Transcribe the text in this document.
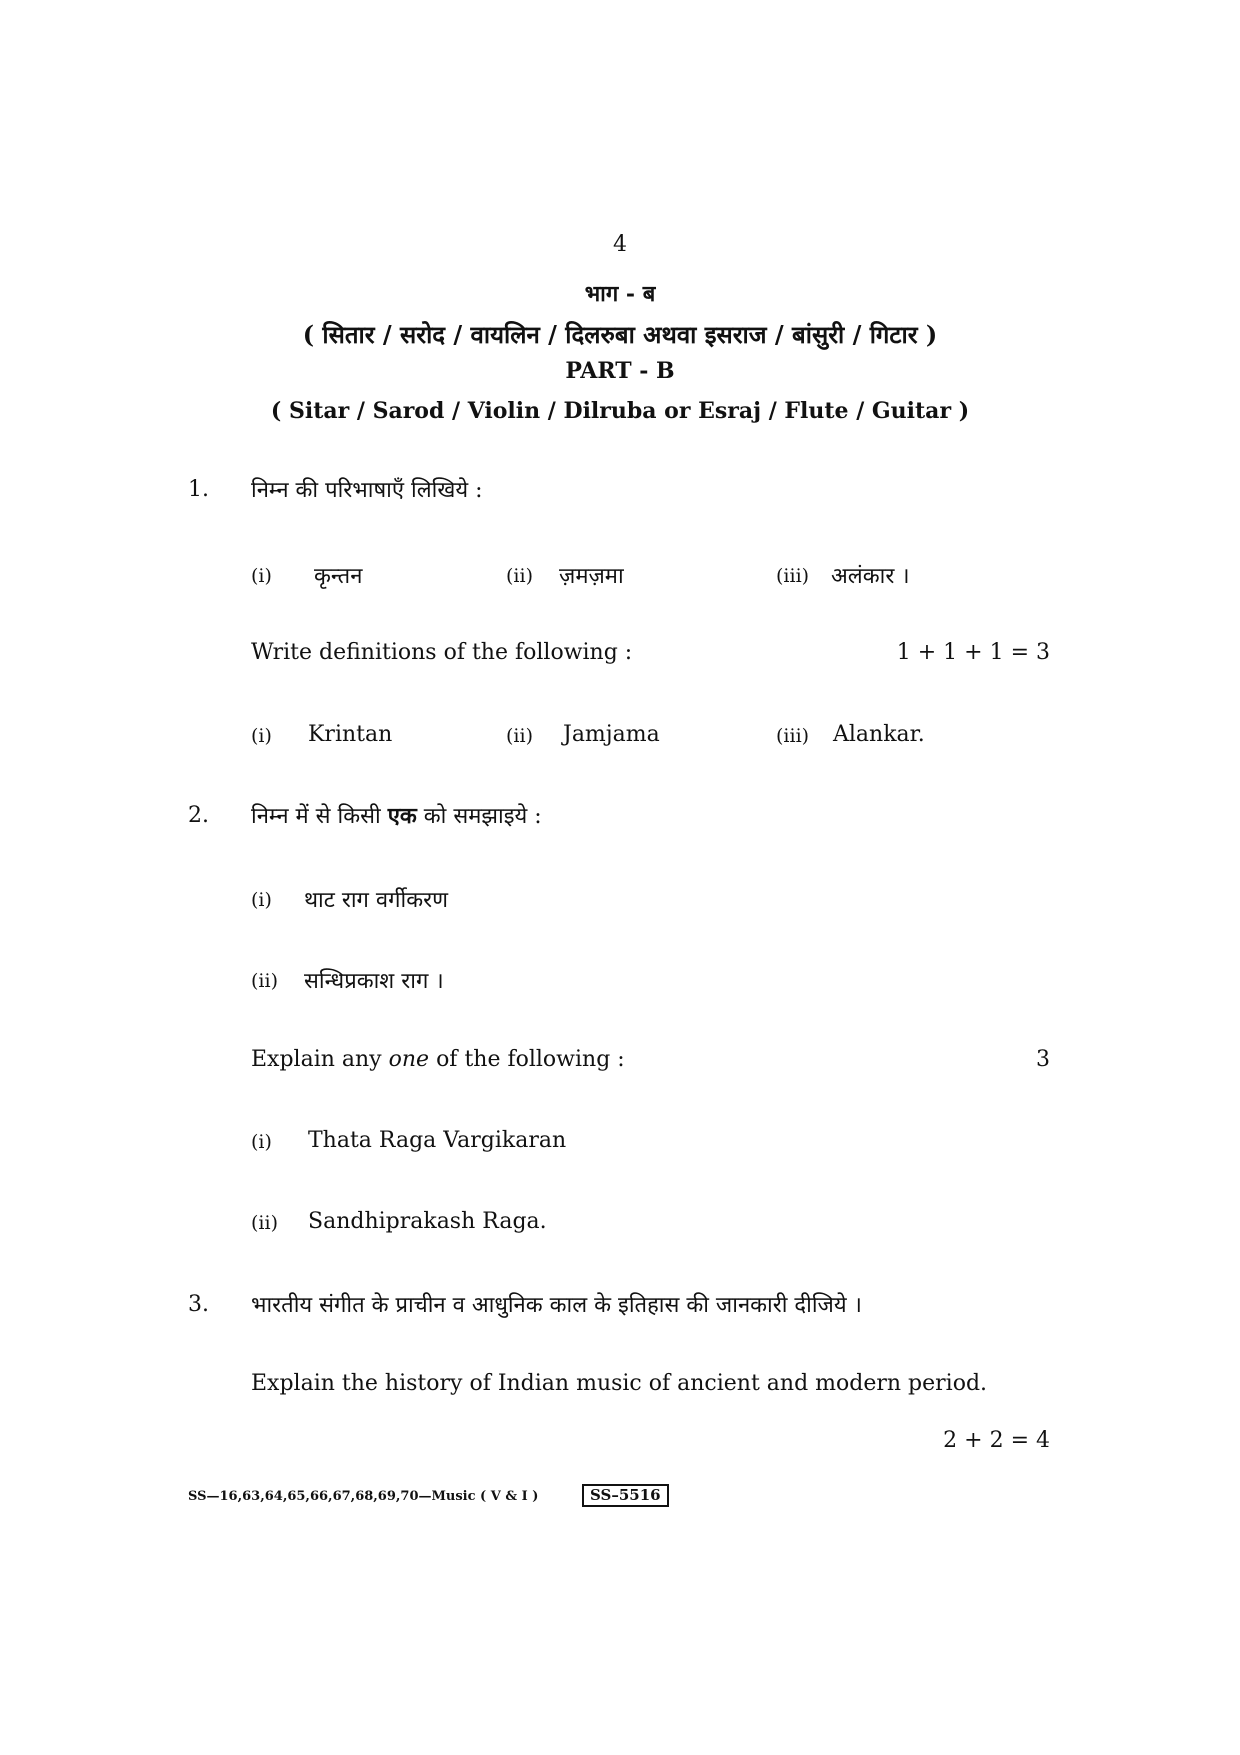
4
भाग - ब
( सितार / सरोद / वायलिन / दिलरुबा अथवा इसराज / बांसुरी / गिटार )
PART - B
( Sitar / Sarod / Violin / Dilruba or Esraj / Flute / Guitar )
1. निम्न की परिभाषाएँ लिखिये :
(i) कृन्तन	(ii) ज़मज़मा	(iii) अलंकार ।
Write definitions of the following :	1 + 1 + 1 = 3
(i) Krintan	(ii) Jamjama	(iii) Alankar.
2. निम्न में से किसी एक को समझाइये :
(i) थाट राग वर्गीकरण
(ii) सन्धिप्रकाश राग ।
Explain any one of the following :	3
(i) Thata Raga Vargikaran
(ii) Sandhiprakash Raga.
3. भारतीय संगीत के प्राचीन व आधुनिक काल के इतिहास की जानकारी दीजिये ।
Explain the history of Indian music of ancient and modern period.
2 + 2 = 4
SS—16,63,64,65,66,67,68,69,70—Music ( V & I )	SS–5516
